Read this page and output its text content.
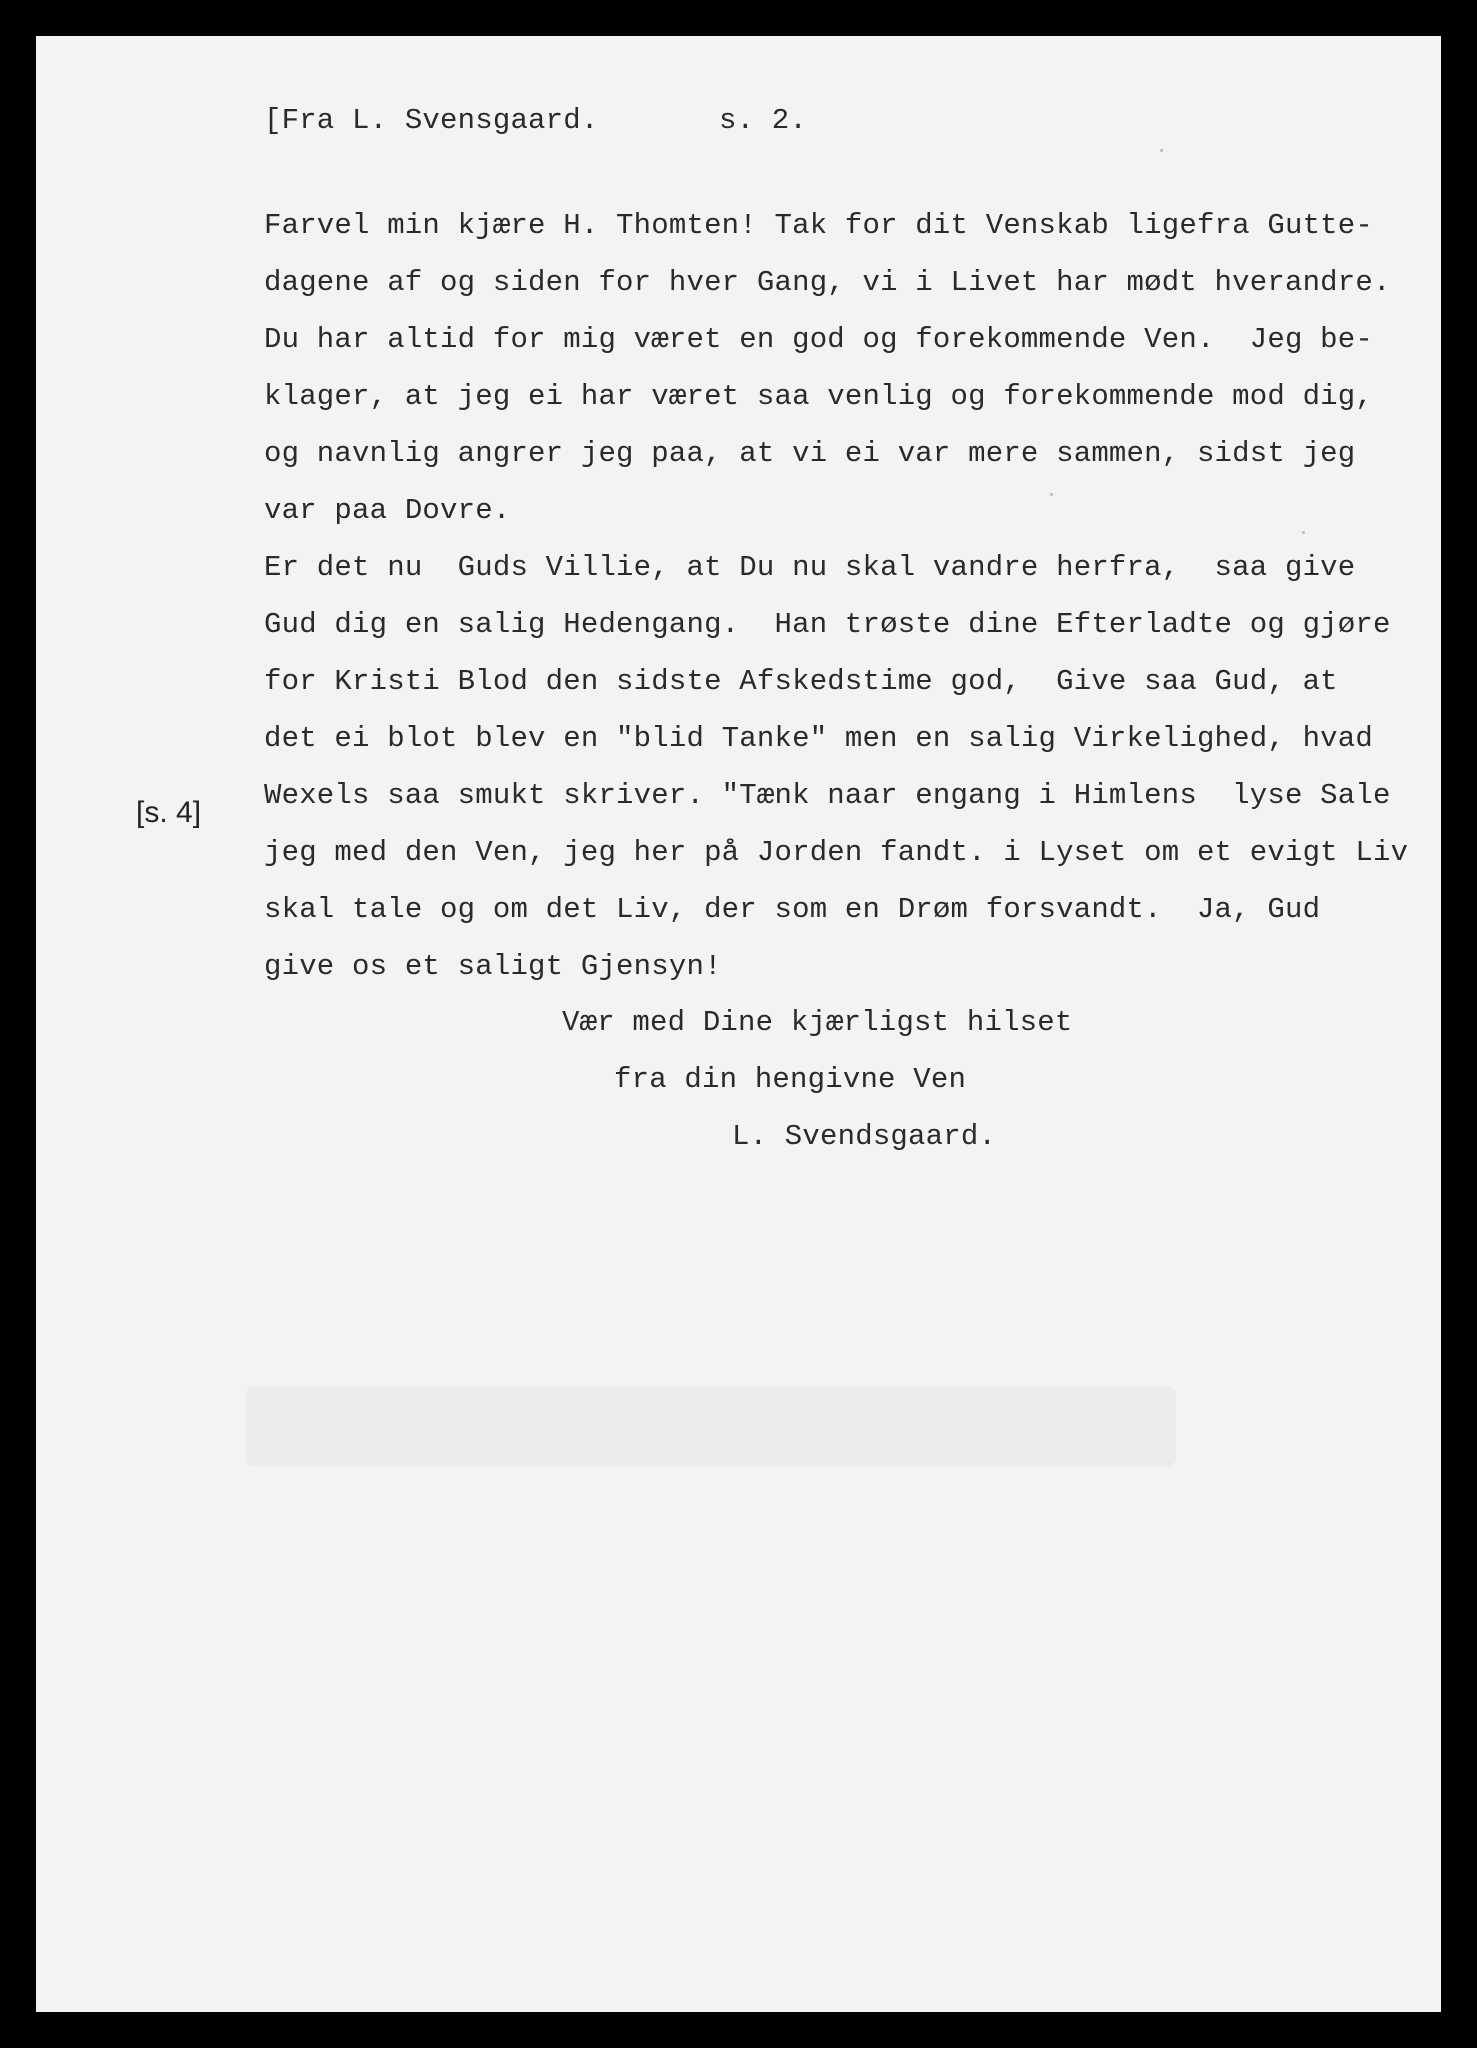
[Fra L. Svensgaard.

	s. 2.

[s. 4]
Farvel min kjære H. Thomten! Tak for dit Venskab ligefra Gutte-
dagene af og siden for hver Gang, vi i Livet har mødt hverandre.
Du har altid for mig været en god og forekommende Ven.  Jeg be-
klager, at jeg ei har været saa venlig og forekommende mod dig,
og navnlig angrer jeg paa, at vi ei var mere sammen, sidst jeg
var paa Dovre.
Er det nu  Guds Villie, at Du nu skal vandre herfra,  saa give
Gud dig en salig Hedengang.  Han trøste dine Efterladte og gjøre
for Kristi Blod den sidste Afskedstime god,  Give saa Gud, at
det ei blot blev en "blid Tanke" men en salig Virkelighed, hvad
Wexels saa smukt skriver. "Tænk naar engang i Himlens  lyse Sale
jeg med den Ven, jeg her på Jorden fandt. i Lyset om et evigt Liv
skal tale og om det Liv, der som en Drøm forsvandt.  Ja, Gud
give os et saligt Gjensyn!
Vær med Dine kjærligst hilset
fra din hengivne Ven
L. Svendsgaard.
